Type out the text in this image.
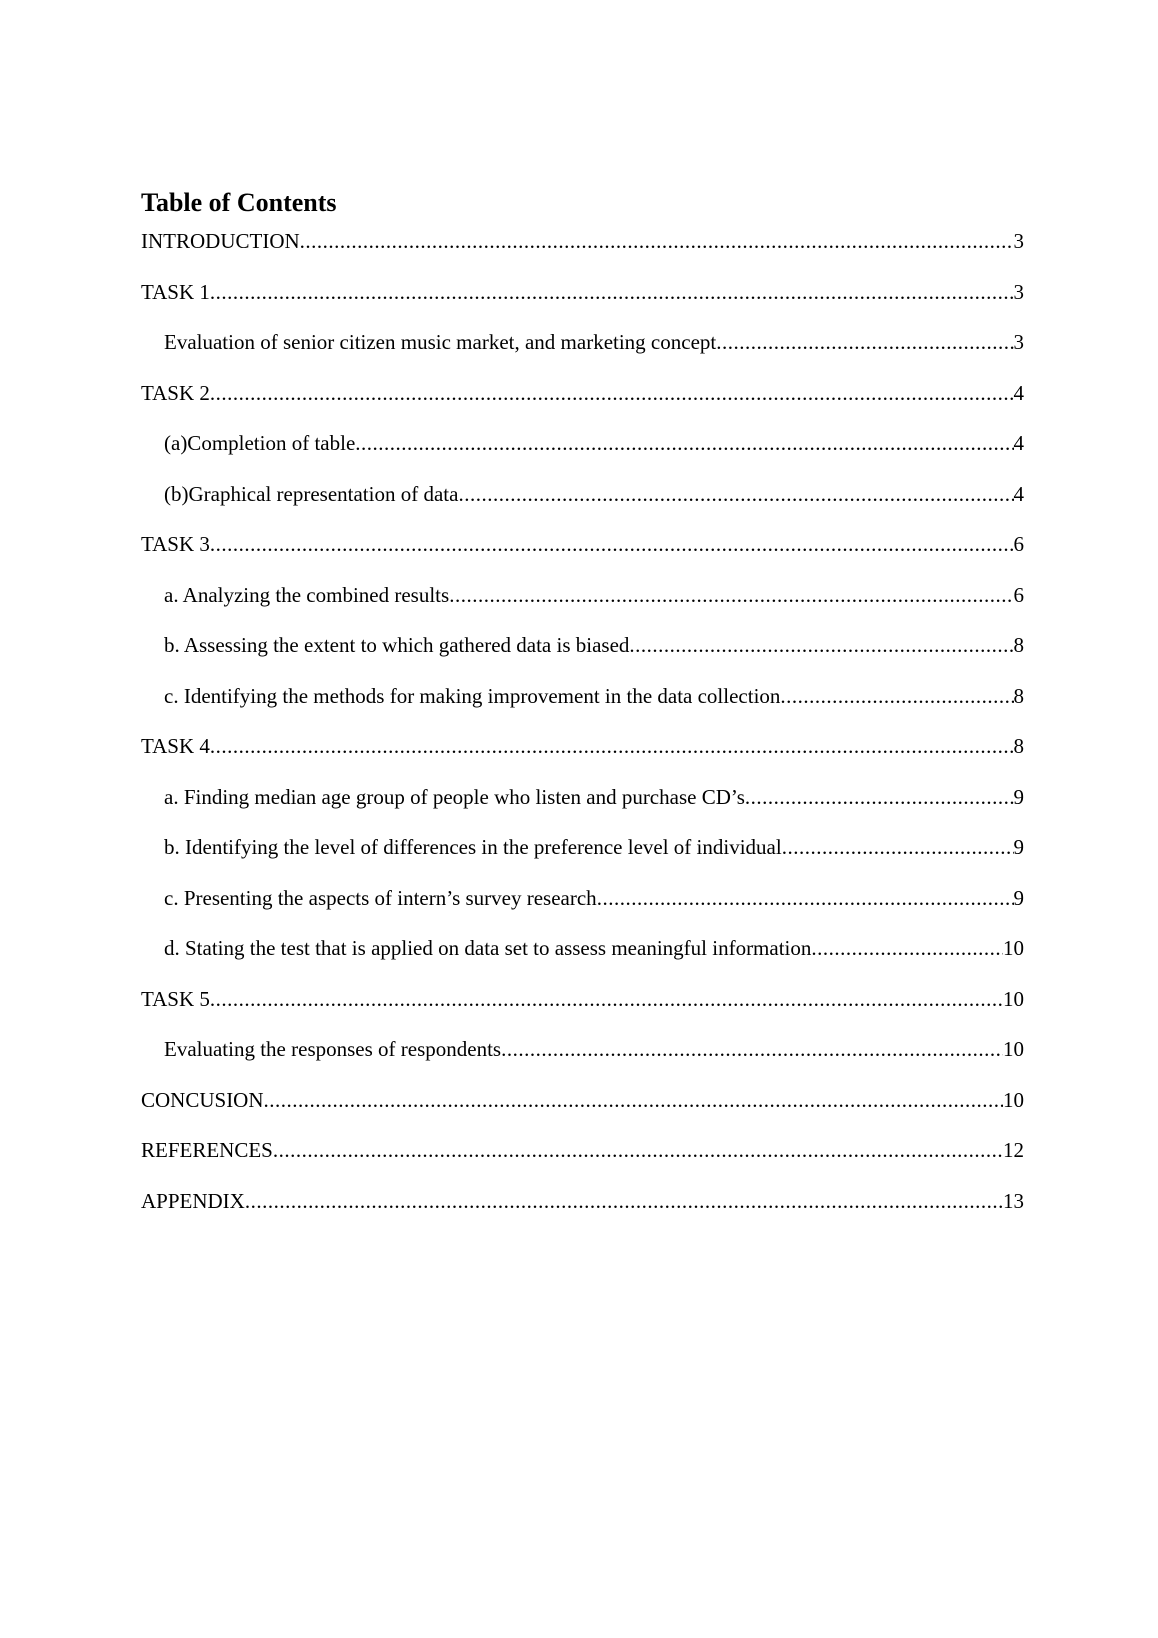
Table of Contents
INTRODUCTION .....	3
TASK 1 .....	3
Evaluation of senior citizen music market, and marketing concept .....	3
TASK 2 .....	4
(a)Completion of table .....	4
(b)Graphical representation of data .....	4
TASK 3 .....	6
a. Analyzing the combined results .....	6
b. Assessing the extent to which gathered data is biased .....	8
c. Identifying the methods for making improvement in the data collection .....	8
TASK 4 .....	8
a. Finding median age group of people who listen and purchase CD’s .....	9
b. Identifying the level of differences in the preference level of individual .....	9
c. Presenting the aspects of intern’s survey research .....	9
d. Stating the test that is applied on data set to assess meaningful information .....	10
TASK 5 .....	10
Evaluating the responses of respondents .....	10
CONCUSION .....	10
REFERENCES .....	12
APPENDIX .....	13
